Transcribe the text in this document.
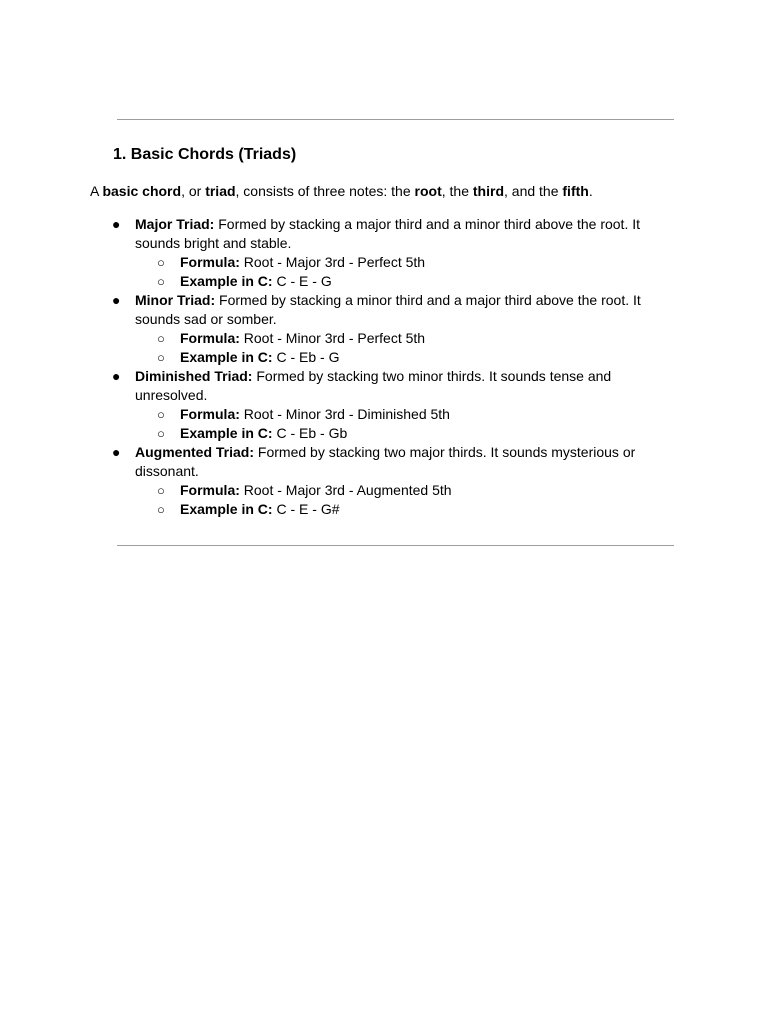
1. Basic Chords (Triads)

A basic chord, or triad, consists of three notes: the root, the third, and the fifth.

● Major Triad: Formed by stacking a major third and a minor third above the root. It sounds bright and stable.
○ Formula: Root - Major 3rd - Perfect 5th
○ Example in C: C - E - G
● Minor Triad: Formed by stacking a minor third and a major third above the root. It sounds sad or somber.
○ Formula: Root - Minor 3rd - Perfect 5th
○ Example in C: C - Eb - G
● Diminished Triad: Formed by stacking two minor thirds. It sounds tense and unresolved.
○ Formula: Root - Minor 3rd - Diminished 5th
○ Example in C: C - Eb - Gb
● Augmented Triad: Formed by stacking two major thirds. It sounds mysterious or dissonant.
○ Formula: Root - Major 3rd - Augmented 5th
○ Example in C: C - E - G#
